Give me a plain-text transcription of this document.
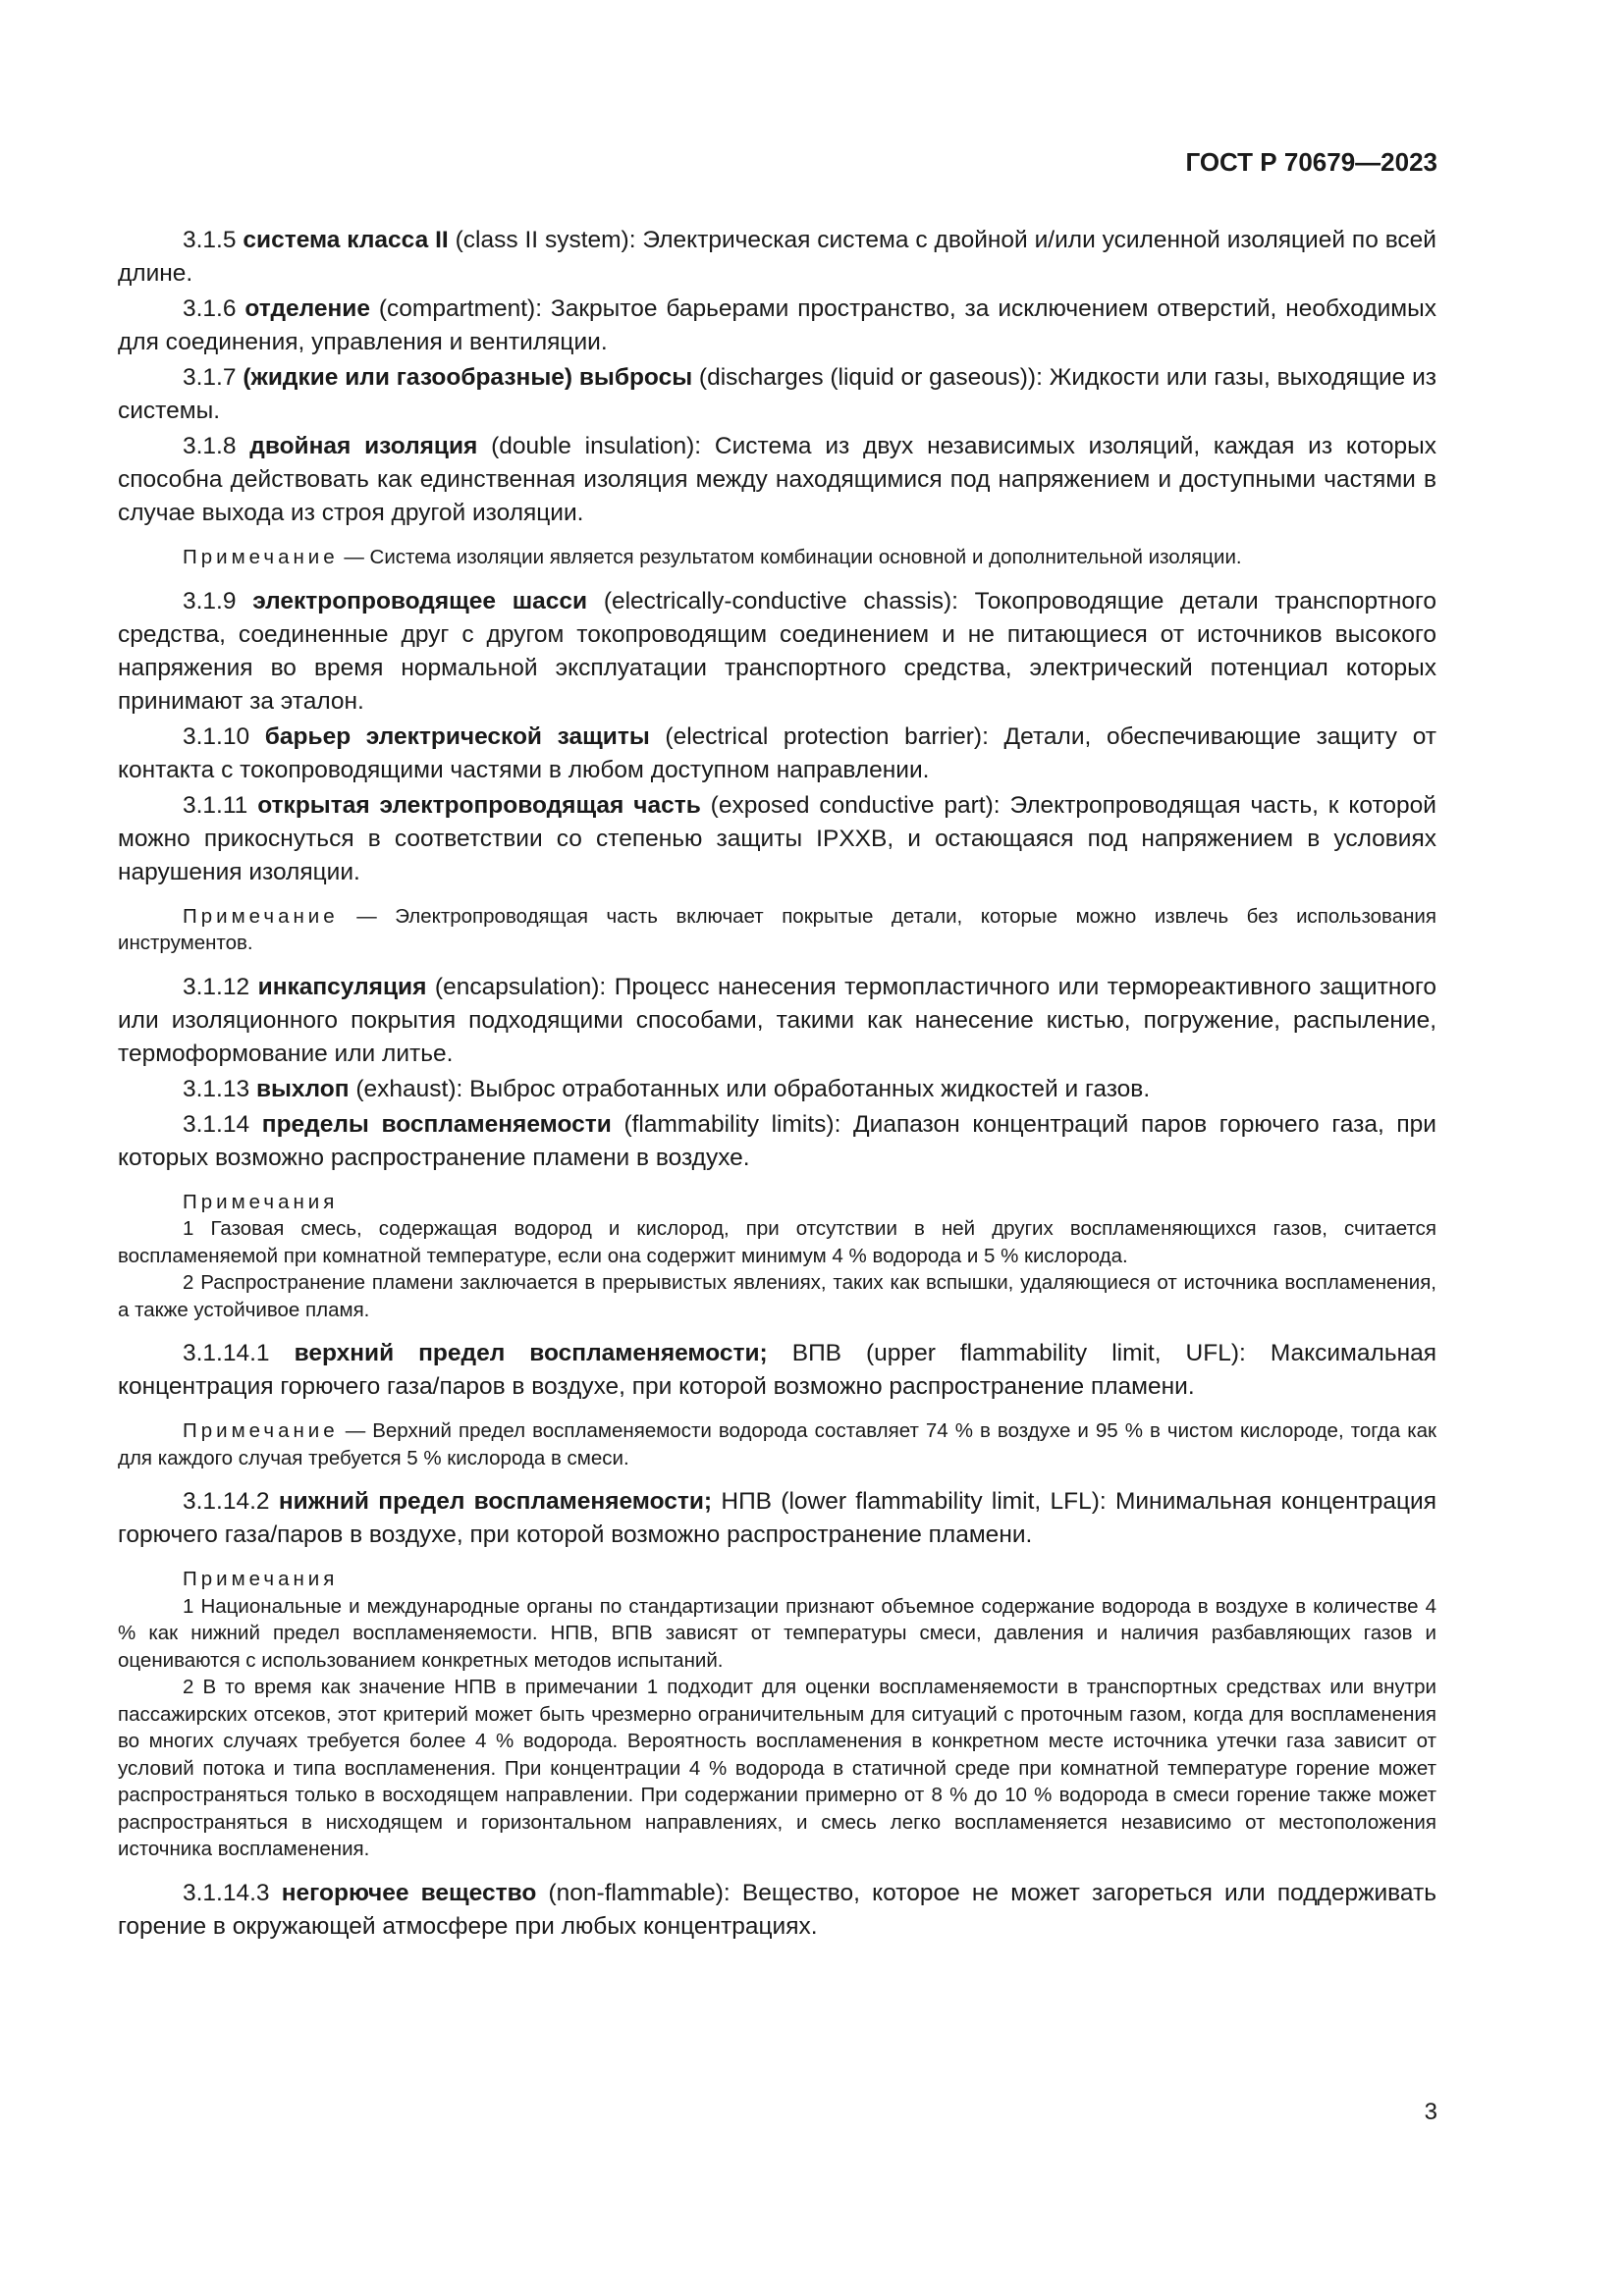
ГОСТ Р 70679—2023

3.1.5 система класса II (class II system): Электрическая система с двойной и/или усиленной изоляцией по всей длине.

3.1.6 отделение (compartment): Закрытое барьерами пространство, за исключением отверстий, необходимых для соединения, управления и вентиляции.

3.1.7 (жидкие или газообразные) выбросы (discharges (liquid or gaseous)): Жидкости или газы, выходящие из системы.

3.1.8 двойная изоляция (double insulation): Система из двух независимых изоляций, каждая из которых способна действовать как единственная изоляция между находящимися под напряжением и доступными частями в случае выхода из строя другой изоляции.

Примечание — Система изоляции является результатом комбинации основной и дополнительной изоляции.

3.1.9 электропроводящее шасси (electrically-conductive chassis): Токопроводящие детали транспортного средства, соединенные друг с другом токопроводящим соединением и не питающиеся от источников высокого напряжения во время нормальной эксплуатации транспортного средства, электрический потенциал которых принимают за эталон.

3.1.10 барьер электрической защиты (electrical protection barrier): Детали, обеспечивающие защиту от контакта с токопроводящими частями в любом доступном направлении.

3.1.11 открытая электропроводящая часть (exposed conductive part): Электропроводящая часть, к которой можно прикоснуться в соответствии со степенью защиты IPXXB, и остающаяся под напряжением в условиях нарушения изоляции.

Примечание — Электропроводящая часть включает покрытые детали, которые можно извлечь без использования инструментов.

3.1.12 инкапсуляция (encapsulation): Процесс нанесения термопластичного или термореактивного защитного или изоляционного покрытия подходящими способами, такими как нанесение кистью, погружение, распыление, термоформование или литье.

3.1.13 выхлоп (exhaust): Выброс отработанных или обработанных жидкостей и газов.

3.1.14 пределы воспламеняемости (flammability limits): Диапазон концентраций паров горючего газа, при которых возможно распространение пламени в воздухе.

Примечания

1 Газовая смесь, содержащая водород и кислород, при отсутствии в ней других воспламеняющихся газов, считается воспламеняемой при комнатной температуре, если она содержит минимум 4 % водорода и 5 % кислорода.

2 Распространение пламени заключается в прерывистых явлениях, таких как вспышки, удаляющиеся от источника воспламенения, а также устойчивое пламя.

3.1.14.1 верхний предел воспламеняемости; ВПВ (upper flammability limit, UFL): Максимальная концентрация горючего газа/паров в воздухе, при которой возможно распространение пламени.

Примечание — Верхний предел воспламеняемости водорода составляет 74 % в воздухе и 95 % в чистом кислороде, тогда как для каждого случая требуется 5 % кислорода в смеси.

3.1.14.2 нижний предел воспламеняемости; НПВ (lower flammability limit, LFL): Минимальная концентрация горючего газа/паров в воздухе, при которой возможно распространение пламени.

Примечания

1 Национальные и международные органы по стандартизации признают объемное содержание водорода в воздухе в количестве 4 % как нижний предел воспламеняемости. НПВ, ВПВ зависят от температуры смеси, давления и наличия разбавляющих газов и оцениваются с использованием конкретных методов испытаний.

2 В то время как значение НПВ в примечании 1 подходит для оценки воспламеняемости в транспортных средствах или внутри пассажирских отсеков, этот критерий может быть чрезмерно ограничительным для ситуаций с проточным газом, когда для воспламенения во многих случаях требуется более 4 % водорода. Вероятность воспламенения в конкретном месте источника утечки газа зависит от условий потока и типа воспламенения. При концентрации 4 % водорода в статичной среде при комнатной температуре горение может распространяться только в восходящем направлении. При содержании примерно от 8 % до 10 % водорода в смеси горение также может распространяться в нисходящем и горизонтальном направлениях, и смесь легко воспламеняется независимо от местоположения источника воспламенения.

3.1.14.3 негорючее вещество (non-flammable): Вещество, которое не может загореться или поддерживать горение в окружающей атмосфере при любых концентрациях.

3
